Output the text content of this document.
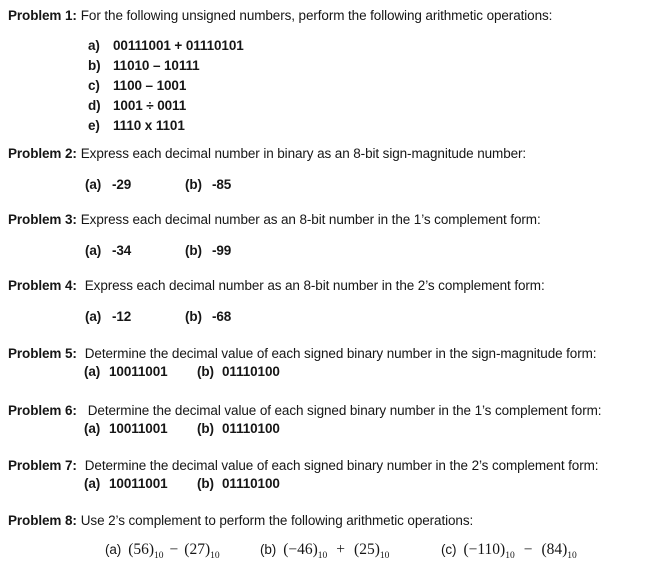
Problem 1: For the following unsigned numbers, perform the following arithmetic operations:

a) 00111001 + 01110101
b) 11010 – 10111
c) 1100 – 1001
d) 1001 ÷ 0011
e) 1110 x 1101

Problem 2: Express each decimal number in binary as an 8-bit sign-magnitude number:

(a) -29	(b) -85

Problem 3: Express each decimal number as an 8-bit number in the 1’s complement form:

(a) -34	(b) -99

Problem 4: Express each decimal number as an 8-bit number in the 2’s complement form:

(a) -12	(b) -68

Problem 5: Determine the decimal value of each signed binary number in the sign-magnitude form:

(a) 10011001 (b) 01110100

Problem 6: Determine the decimal value of each signed binary number in the 1’s complement form:

(a) 10011001 (b) 01110100

Problem 7: Determine the decimal value of each signed binary number in the 2’s complement form:

(a) 10011001 (b) 01110100

Problem 8: Use 2’s complement to perform the following arithmetic operations:

(a) $(56)_{10} - (27)_{10}$	(b) $(-46)_{10} + (25)_{10}$	(c) $(-110)_{10} - (84)_{10}$
